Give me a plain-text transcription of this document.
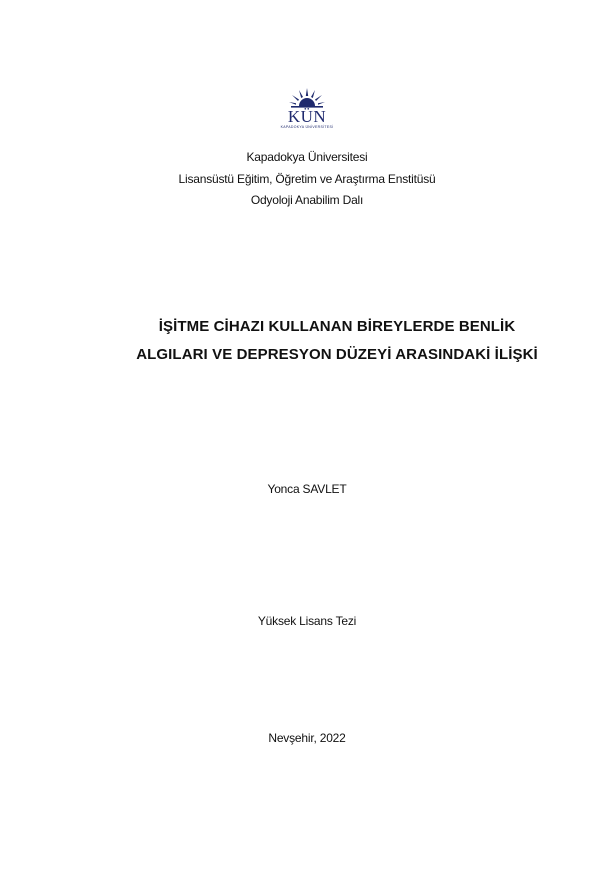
KÜN
KAPADOKYA ÜNİVERSİTESİ
Kapadokya Üniversitesi
Lisansüstü Eğitim, Öğretim ve Araştırma Enstitüsü
Odyoloji Anabilim Dalı
İŞİTME CİHAZI KULLANAN BİREYLERDE BENLİK
ALGILARI VE DEPRESYON DÜZEYİ ARASINDAKİ İLİŞKİ
Yonca SAVLET
Yüksek Lisans Tezi
Nevşehir, 2022
